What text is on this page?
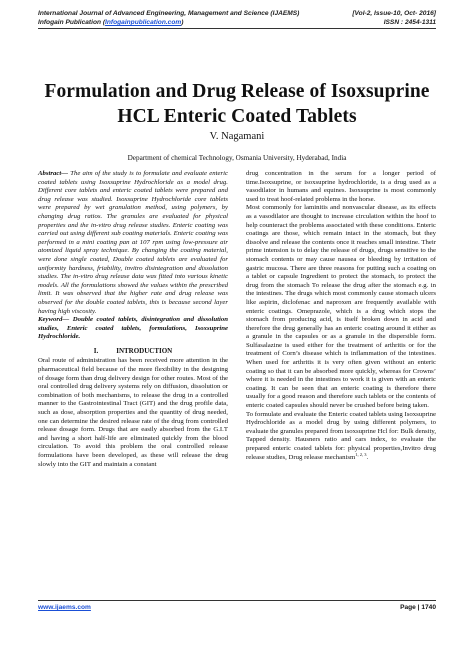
International Journal of Advanced Engineering, Management and Science (IJAEMS)	[Vol-2, Issue-10, Oct- 2016]
Infogain Publication (Infogainpublication.com)	ISSN : 2454-1311
Formulation and Drug Release of Isoxsuprine
HCL Enteric Coated Tablets
V. Nagamani
Department of chemical Technology, Osmania University, Hyderabad, India

Abstract— The aim of the study is to formulate and evaluate enteric coated tablets using Isoxsuprine Hydrochloride as a model drug. Different core tablets and enteric coated tablets were prepared and drug release was studied. Isoxsuprine Hydrochloride core tablets were prepared by wet granulation method, using polymers, by changing drug ratios. The granules are evaluated for physical properties and the in-vitro drug release studies. Enteric coating was carried out using different sub coating materials. Enteric coating was performed in a mini coating pan at 107 rpm using low-pressure air atomized liquid spray technique. By changing the coating material, were done single coated, Double coated tablets are evaluated for uniformity hardness, friability, invitro disintegration and dissolution studies. The in-vitro drug release data was fitted into various kinetic models. All the formulations showed the values within the prescribed limit. It was observed that the higher rate and drug release was observed for the double coated tablets, this is because second layer having high viscosity.

Keyword— Double coated tablets, disintegration and dissolution studies, Enteric coated tablets, formulations, Isoxsuprine Hydrochloride.

I.	INTRODUCTION

Oral route of administration has been received more attention in the pharmaceutical field because of the more flexibility in the designing of dosage form than drug delivery design for other routes. Most of the oral controlled drug delivery systems rely on diffusion, dissolution or combination of both mechanisms, to release the drug in a controlled manner to the Gastrointestinal Tract (GIT) and the drug profile data, such as dose, absorption properties and the quantity of drug needed, one can determine the desired release rate of the drug from controlled release dosage form. Drugs that are easily absorbed from the G.I.T and having a short half-life are eliminated quickly from the blood circulation. To avoid this problem the oral controlled release formulations have been developed, as these will release the drug slowly into the GIT and maintain a constant

drug concentration in the serum for a longer period of time.Isoxsuprine, or isoxsuprine hydrochloride, is a drug used as a vasodilator in humans and equines. Isoxsuprine is most commonly used to treat hoof-related problems in the horse.

Most commonly for laminitis and nonvascular disease, as its effects as a vasodilator are thought to increase circulation within the hoof to help counteract the problems associated with these conditions. Enteric coatings are those, which remain intact in the stomach, but they dissolve and release the contents once it reaches small intestine. Their prime intension is to delay the release of drugs, drugs sensitive to the stomach contents or may cause nausea or bleeding by irritation of gastric mucosa. There are three reasons for putting such a coating on a tablet or capsule Ingredient to protect the stomach, to protect the drug from the stomach To release the drug after the stomach e.g. in the intestines. The drugs which most commonly cause stomach ulcers like aspirin, diclofenac and naproxen are frequently available with enteric coatings. Omeprazole, which is a drug which stops the stomach from producing acid, is itself broken down in acid and therefore the drug generally has an enteric coating around it either as a granule in the capsules or as a granule in the dispersible form. Sulfasalazine is used either for the treatment of arthritis or for the treatment of Corn’s disease which is inflammation of the intestines. When used for arthritis it is very often given without an enteric coating so that it can be absorbed more quickly, whereas for Crowns’ where it is needed in the intestines to work it is given with an enteric coating. It can be seen that an enteric coating is therefore there usually for a good reason and therefore such tablets or the contents of enteric coated capsules should never be crushed before being taken.

To formulate and evaluate the Enteric coated tablets using Isoxsuprine Hydrochloride as a model drug by using different polymers, to evaluate the granules prepared from isoxsuprine Hcl for: Bulk density, Tapped density. Hausners ratio and cars index, to evaluate the prepared enteric coated tablets for: physical properties,Invitro drug release studies, Drug release mechanism$^{1, 2, 3}$.

www.ijaems.com	Page | 1740
